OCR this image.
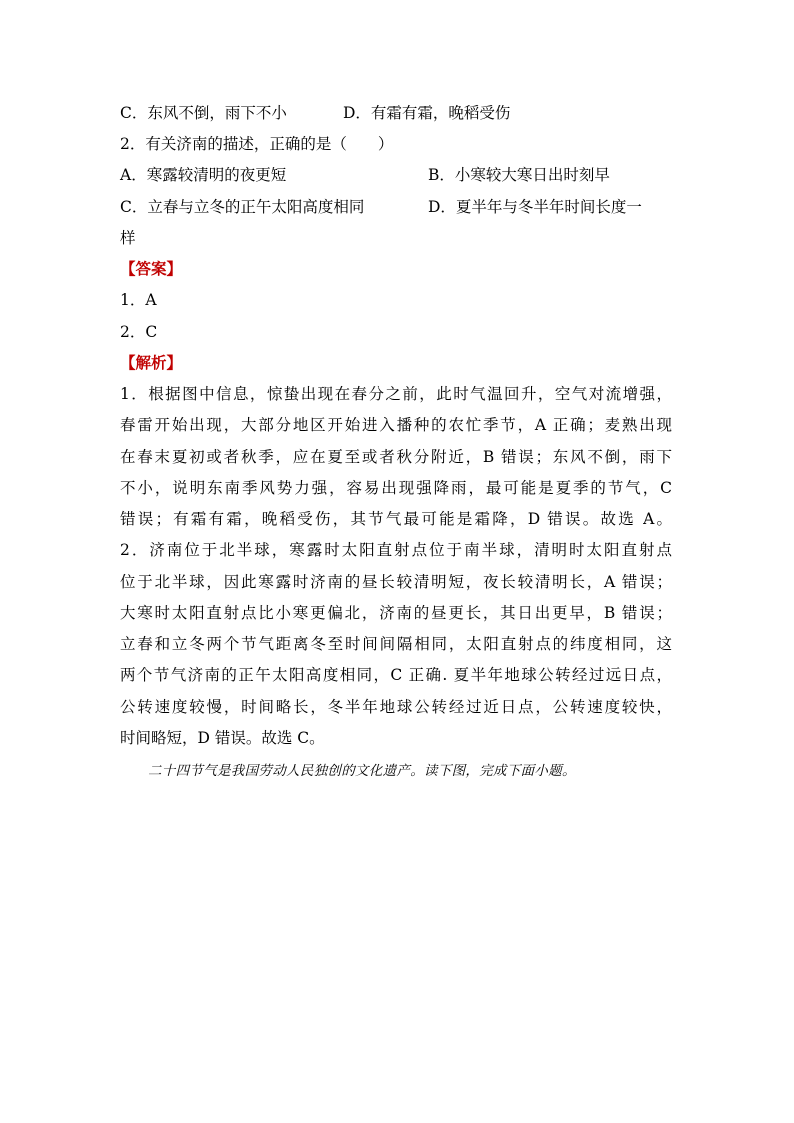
C．东风不倒，雨下不小	D．有霜有霜，晚稻受伤
2．有关济南的描述，正确的是（　　）
A．寒露较清明的夜更短	B．小寒较大寒日出时刻早
C．立春与立冬的正午太阳高度相同	D．夏半年与冬半年时间长度一
样
【答案】
1．A
2．C
【解析】
1．根据图中信息，惊蛰出现在春分之前，此时气温回升，空气对流增强，
春雷开始出现，大部分地区开始进入播种的农忙季节，A 正确；麦熟出现
在春末夏初或者秋季，应在夏至或者秋分附近，B 错误；东风不倒，雨下
不小，说明东南季风势力强，容易出现强降雨，最可能是夏季的节气，C
错误；有霜有霜，晚稻受伤，其节气最可能是霜降，D 错误。故选 A。
2．济南位于北半球，寒露时太阳直射点位于南半球，清明时太阳直射点
位于北半球，因此寒露时济南的昼长较清明短，夜长较清明长，A 错误；
大寒时太阳直射点比小寒更偏北，济南的昼更长，其日出更早，B 错误；
立春和立冬两个节气距离冬至时间间隔相同，太阳直射点的纬度相同，这
两个节气济南的正午太阳高度相同，C 正确. 夏半年地球公转经过远日点，
公转速度较慢，时间略长，冬半年地球公转经过近日点，公转速度较快，
时间略短，D 错误。故选 C。
二十四节气是我国劳动人民独创的文化遗产。读下图，完成下面小题。
